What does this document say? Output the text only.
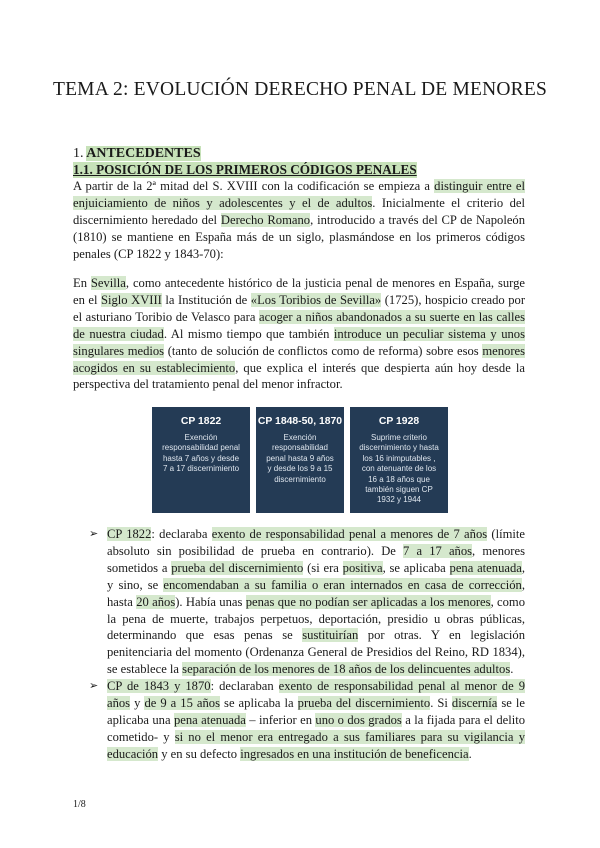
TEMA 2: EVOLUCIÓN DERECHO PENAL DE MENORES
1. ANTECEDENTES
1.1. POSICIÓN DE LOS PRIMEROS CÓDIGOS PENALES
A partir de la 2ª mitad del S. XVIII con la codificación se empieza a distinguir entre el enjuiciamiento de niños y adolescentes y el de adultos. Inicialmente el criterio del discernimiento heredado del Derecho Romano, introducido a través del CP de Napoleón (1810) se mantiene en España más de un siglo, plasmándose en los primeros códigos penales (CP 1822 y 1843-70):
En Sevilla, como antecedente histórico de la justicia penal de menores en España, surge en el Siglo XVIII la Institución de «Los Toribios de Sevilla» (1725), hospicio creado por el asturiano Toribio de Velasco para acoger a niños abandonados a su suerte en las calles de nuestra ciudad. Al mismo tiempo que también introduce un peculiar sistema y unos singulares medios (tanto de solución de conflictos como de reforma) sobre esos menores acogidos en su establecimiento, que explica el interés que despierta aún hoy desde la perspectiva del tratamiento penal del menor infractor.
CP 1822
Exención responsabilidad penal hasta 7 años y desde 7 a 17 discernimiento
CP 1848-50, 1870
Exención responsabilidad penal hasta 9 años y desde los 9 a 15 discernimiento
CP 1928
Suprime criterio discernimiento y hasta los 16 inimputables , con atenuante de los 16 a 18 años que también siguen CP 1932 y 1944
➢ CP 1822: declaraba exento de responsabilidad penal a menores de 7 años (límite absoluto sin posibilidad de prueba en contrario). De 7 a 17 años, menores sometidos a prueba del discernimiento (si era positiva, se aplicaba pena atenuada, y sino, se encomendaban a su familia o eran internados en casa de corrección, hasta 20 años). Había unas penas que no podían ser aplicadas a los menores, como la pena de muerte, trabajos perpetuos, deportación, presidio u obras públicas, determinando que esas penas se sustituirían por otras. Y en legislación penitenciaria del momento (Ordenanza General de Presidios del Reino, RD 1834), se establece la separación de los menores de 18 años de los delincuentes adultos.
➢ CP de 1843 y 1870: declaraban exento de responsabilidad penal al menor de 9 años y de 9 a 15 años se aplicaba la prueba del discernimiento. Si discernía se le aplicaba una pena atenuada – inferior en uno o dos grados a la fijada para el delito cometido- y si no el menor era entregado a sus familiares para su vigilancia y educación y en su defecto ingresados en una institución de beneficencia.
1/8
